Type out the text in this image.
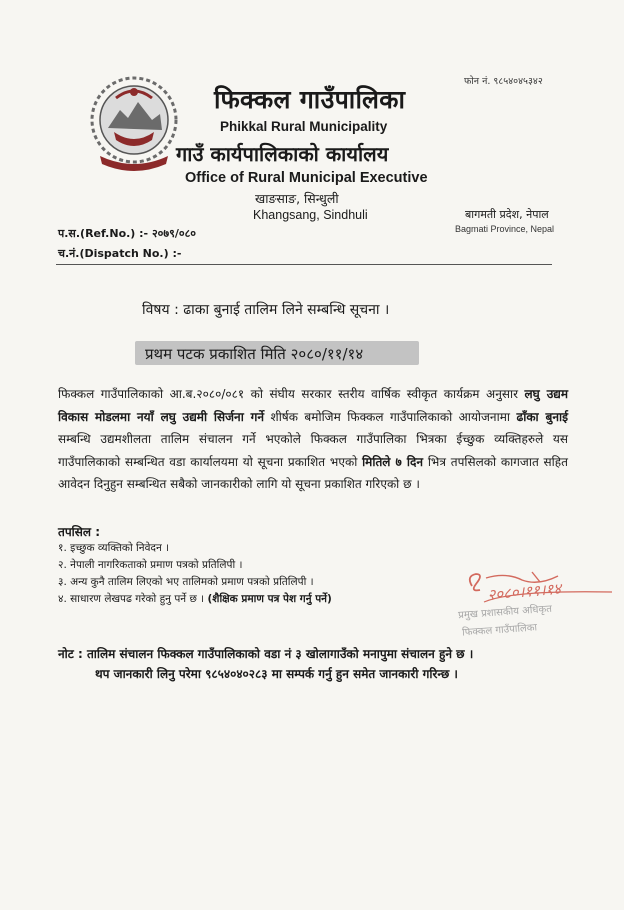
फोन नं. ९८५४०४५३४२
फिक्कल गाउँपालिका
Phikkal Rural Municipality
गाउँ कार्यपालिकाको कार्यालय
Office of Rural Municipal Executive
खाङसाङ, सिन्धुली
Khangsang, Sindhuli	बागमती प्रदेश, नेपाल
Bagmati Province, Nepal
प.स.(Ref.No.) :- २०७९/०८०
च.नं.(Dispatch No.) :-
विषय : ढाका बुनाई तालिम लिने सम्बन्धि सूचना ।
प्रथम पटक प्रकाशित मिति २०८०/११/१४
फिक्कल गाउँपालिकाको आ.ब.२०८०/०८१ को संघीय सरकार स्तरीय वार्षिक स्वीकृत कार्यक्रम अनुसार लघु उद्यम विकास मोडलमा नयाँ लघु उद्यमी सिर्जना गर्ने शीर्षक बमोजिम फिक्कल गाउँपालिकाको आयोजनामा ढाँका बुनाई सम्बन्धि उद्यमशीलता तालिम संचालन गर्ने भएकोले फिक्कल गाउँपालिका भित्रका ईच्छुक व्यक्तिहरुले यस गाउँपालिकाको सम्बन्धित वडा कार्यालयमा यो सूचना प्रकाशित भएको मितिले ७ दिन भित्र तपसिलको कागजात सहित आवेदन दिनुहुन सम्बन्धित सबैको जानकारीको लागि यो सूचना प्रकाशित गरिएको छ ।
तपसिल :
१. इच्छुक व्यक्तिको निवेदन ।
२. नेपाली नागरिकताको प्रमाण पत्रको प्रतिलिपी ।
३. अन्य कुनै तालिम लिएको भए तालिमको प्रमाण पत्रको प्रतिलिपी ।
४. साधारण लेखपढ गरेको हुनु पर्ने छ । (शैक्षिक प्रमाण पत्र पेश गर्नु पर्ने)	२०८०।११।१४
प्रमुख प्रशासकीय अधिकृत
फिक्कल गाउँपालिका
नोट : तालिम संचालन फिक्कल गाउँपालिकाको वडा नं ३ खोलागाउँको मनापुमा संचालन हुने छ ।
थप जानकारी लिनु परेमा ९८५४०४०२८३ मा सम्पर्क गर्नु हुन समेत जानकारी गरिन्छ ।
